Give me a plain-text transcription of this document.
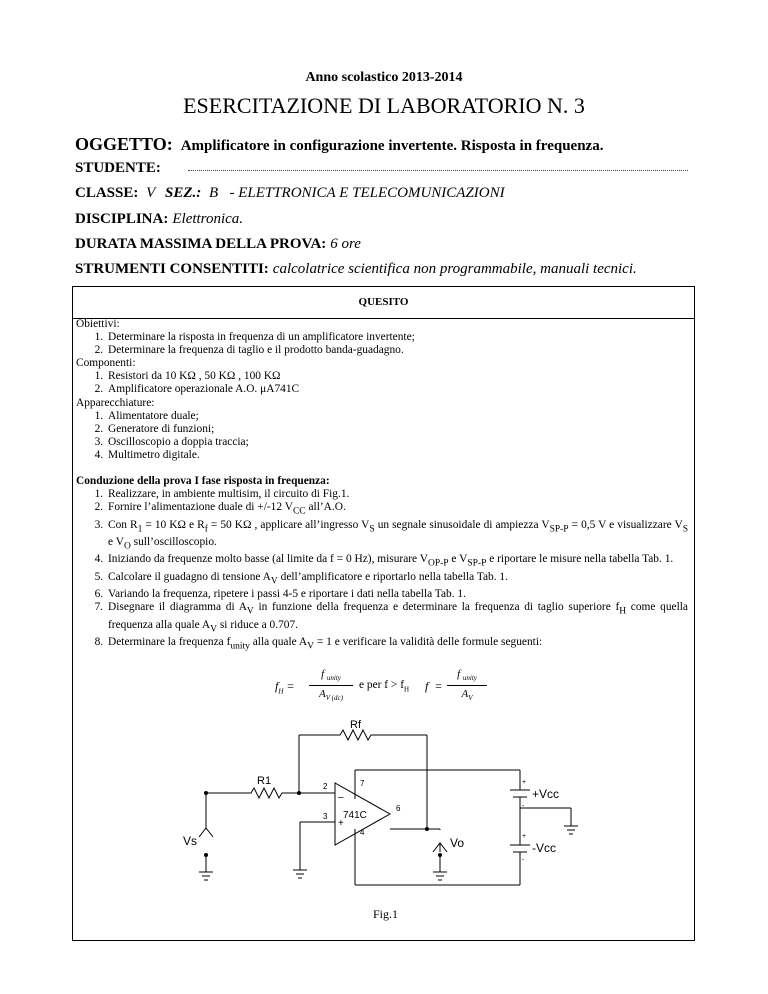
Anno scolastico 2013-2014
ESERCITAZIONE DI LABORATORIO N. 3
OGGETTO: Amplificatore in configurazione invertente. Risposta in frequenza.
STUDENTE:
CLASSE: V SEZ.: B   - ELETTRONICA E TELECOMUNICAZIONI
DISCIPLINA: Elettronica.
DURATA MASSIMA DELLA PROVA: 6 ore
STRUMENTI CONSENTITI: calcolatrice scientifica non programmabile, manuali tecnici.
QUESITO

Obiettivi:

1. Determinare la risposta in frequenza di un amplificatore invertente;
2. Determinare la frequenza di taglio e il prodotto banda-guadagno.

Componenti:

1. Resistori da 10 KΩ , 50 KΩ , 100 KΩ
2. Amplificatore operazionale A.O. μA741C

Apparecchiature:

1. Alimentatore duale;
2. Generatore di funzioni;
3. Oscilloscopio a doppia traccia;
4. Multimetro digitale.

Conduzione della prova I fase risposta in frequenza:

1. Realizzare, in ambiente multisim, il circuito di Fig.1.
2. Fornire l’alimentazione duale di +/-12 $V_{CC}$ all’A.O.
3. Con $R_1 = 10$ KΩ e $R_f = 50$ KΩ , applicare all’ingresso $V_S$ un segnale sinusoidale di ampiezza $V_{SP-P} = 0,5$ V e visualizzare $V_S$ e $V_O$ sull’oscilloscopio.
4. Iniziando da frequenze molto basse (al limite da f = 0 Hz), misurare $V_{OP-P}$ e $V_{SP-P}$ e riportare le misure nella tabella Tab. 1.
5. Calcolare il guadagno di tensione $A_V$ dell’amplificatore e riportarlo nella tabella Tab. 1.
6. Variando la frequenza, ripetere i passi 4-5 e riportare i dati nella tabella Tab. 1.
7. Disegnare il diagramma di $A_V$ in funzione della frequenza e determinare la frequenza di taglio superiore $f_H$ come quella frequenza alla quale $A_V$ si riduce a 0.707.
8. Determinare la frequenza $f_{unity}$ alla quale $A_V = 1$ e verificare la validità delle formule seguenti:
$f_H$ =
f $_{unity}$
$A_{V (dc)}$
e per $f > f_H$ f  =
f $_{unity}$
$A_V$
Rf
R1
741C
2
3
4
6
7
–
+
Vs	Vo
+Vcc
-Vcc
+
-
+
-
Fig.1
